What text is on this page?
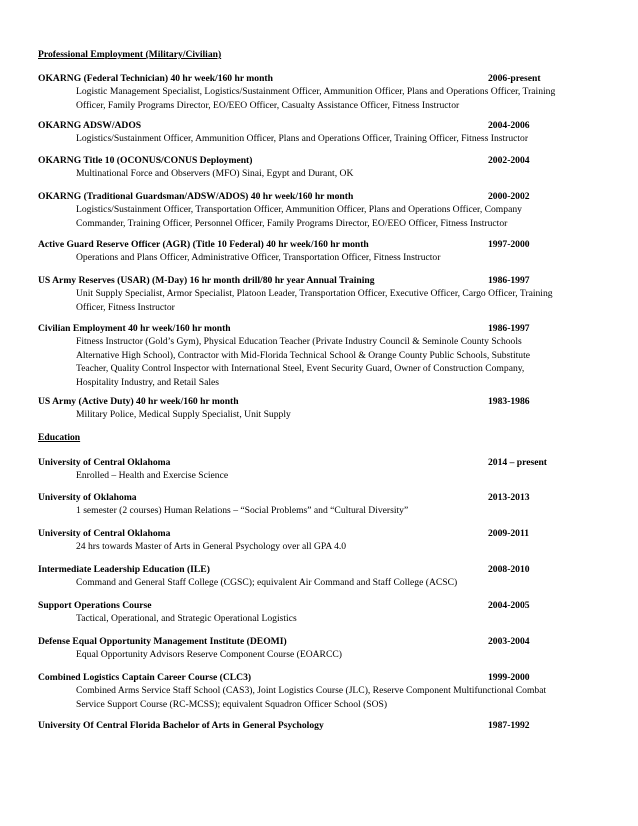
Professional Employment (Military/Civilian)
OKARNG (Federal Technician) 40 hr week/160 hr month	2006-present
Logistic Management Specialist, Logistics/Sustainment Officer, Ammunition Officer, Plans and Operations Officer, Training
Officer, Family Programs Director, EO/EEO Officer, Casualty Assistance Officer, Fitness Instructor
OKARNG ADSW/ADOS	2004-2006
Logistics/Sustainment Officer, Ammunition Officer, Plans and Operations Officer, Training Officer, Fitness Instructor
OKARNG Title 10 (OCONUS/CONUS Deployment)	2002-2004
Multinational Force and Observers (MFO) Sinai, Egypt and Durant, OK
OKARNG (Traditional Guardsman/ADSW/ADOS) 40 hr week/160 hr month	2000-2002
Logistics/Sustainment Officer, Transportation Officer, Ammunition Officer, Plans and Operations Officer, Company
Commander, Training Officer, Personnel Officer, Family Programs Director, EO/EEO Officer, Fitness Instructor
Active Guard Reserve Officer (AGR) (Title 10 Federal) 40 hr week/160 hr month	1997-2000
Operations and Plans Officer, Administrative Officer, Transportation Officer, Fitness Instructor
US Army Reserves (USAR) (M-Day) 16 hr month drill/80 hr year Annual Training	1986-1997
Unit Supply Specialist, Armor Specialist, Platoon Leader, Transportation Officer, Executive Officer, Cargo Officer, Training
Officer, Fitness Instructor
Civilian Employment 40 hr week/160 hr month	1986-1997
Fitness Instructor (Gold’s Gym), Physical Education Teacher (Private Industry Council & Seminole County Schools
Alternative High School), Contractor with Mid-Florida Technical School & Orange County Public Schools, Substitute
Teacher, Quality Control Inspector with International Steel, Event Security Guard, Owner of Construction Company,
Hospitality Industry, and Retail Sales
US Army (Active Duty) 40 hr week/160 hr month	1983-1986
Military Police, Medical Supply Specialist, Unit Supply
Education
University of Central Oklahoma	2014 – present
Enrolled – Health and Exercise Science
University of Oklahoma	2013-2013
1 semester (2 courses) Human Relations – “Social Problems” and “Cultural Diversity”
University of Central Oklahoma	2009-2011
24 hrs towards Master of Arts in General Psychology over all GPA 4.0
Intermediate Leadership Education (ILE)	2008-2010
Command and General Staff College (CGSC); equivalent Air Command and Staff College (ACSC)
Support Operations Course	2004-2005
Tactical, Operational, and Strategic Operational Logistics
Defense Equal Opportunity Management Institute (DEOMI)	2003-2004
Equal Opportunity Advisors Reserve Component Course (EOARCC)
Combined Logistics Captain Career Course (CLC3)	1999-2000
Combined Arms Service Staff School (CAS3), Joint Logistics Course (JLC), Reserve Component Multifunctional Combat
Service Support Course (RC-MCSS); equivalent Squadron Officer School (SOS)
University Of Central Florida Bachelor of Arts in General Psychology	1987-1992
